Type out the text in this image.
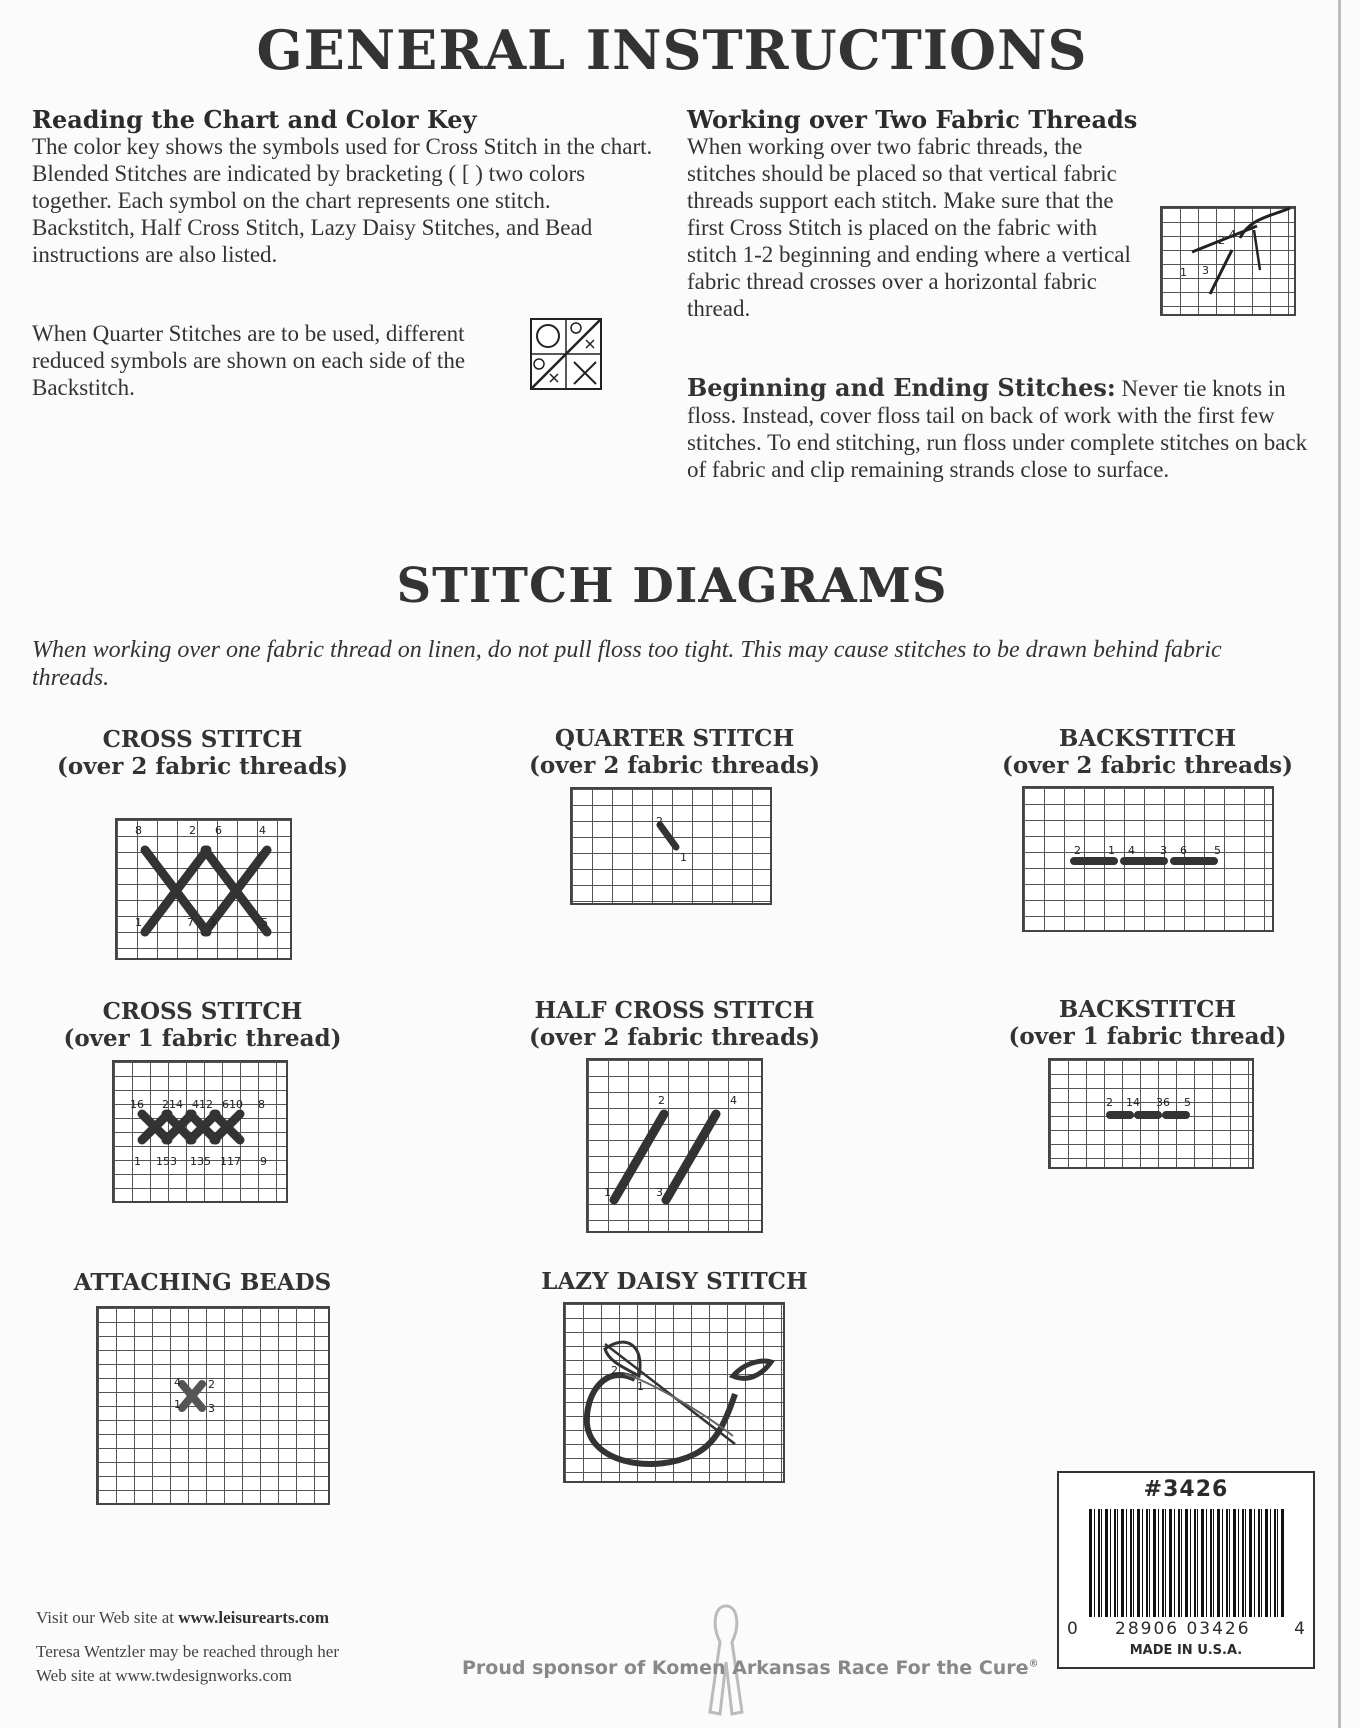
GENERAL INSTRUCTIONS
Reading the Chart and Color Key
The color key shows the symbols used for Cross Stitch in the chart. Blended Stitches are indicated by bracketing ( [ ) two colors together. Each symbol on the chart represents one stitch. Backstitch, Half Cross Stitch, Lazy Daisy Stitches, and Bead instructions are also listed.
When Quarter Stitches are to be used, different reduced symbols are shown on each side of the Backstitch.
Working over Two Fabric Threads
When working over two fabric threads, the stitches should be placed so that vertical fabric threads support each stitch. Make sure that the first Cross Stitch is placed on the fabric with stitch 1-2 beginning and ending where a vertical fabric thread crosses over a horizontal fabric thread.
2 4
1 3
Beginning and Ending Stitches: Never tie knots in floss. Instead, cover floss tail on back of work with the first few stitches. To end stitching, run floss under complete stitches on back of fabric and clip remaining strands close to surface.
STITCH DIAGRAMS
When working over one fabric thread on linen, do not pull floss too tight. This may cause stitches to be drawn behind fabric threads.
CROSS STITCH
(over 2 fabric threads)
QUARTER STITCH
(over 2 fabric threads)
BACKSTITCH
(over 2 fabric threads)
8	2 6	4
1	7 3	5
2
1
2 1 4 3 6 5
CROSS STITCH
(over 1 fabric thread)
HALF CROSS STITCH
(over 2 fabric threads)
BACKSTITCH
(over 1 fabric thread)
16 214 412 610 8
1 153 135 117 9
2	4
1	3
2 14 36 5
ATTACHING BEADS	LAZY DAISY STITCH
4 2
1 3
2
1
Visit our Web site at www.leisurearts.com
Teresa Wentzler may be reached through her
Web site at www.twdesignworks.com	Proud sponsor of Komen Arkansas Race For the Cure®
#3426
0 28906 03426	4
MADE IN U.S.A.
